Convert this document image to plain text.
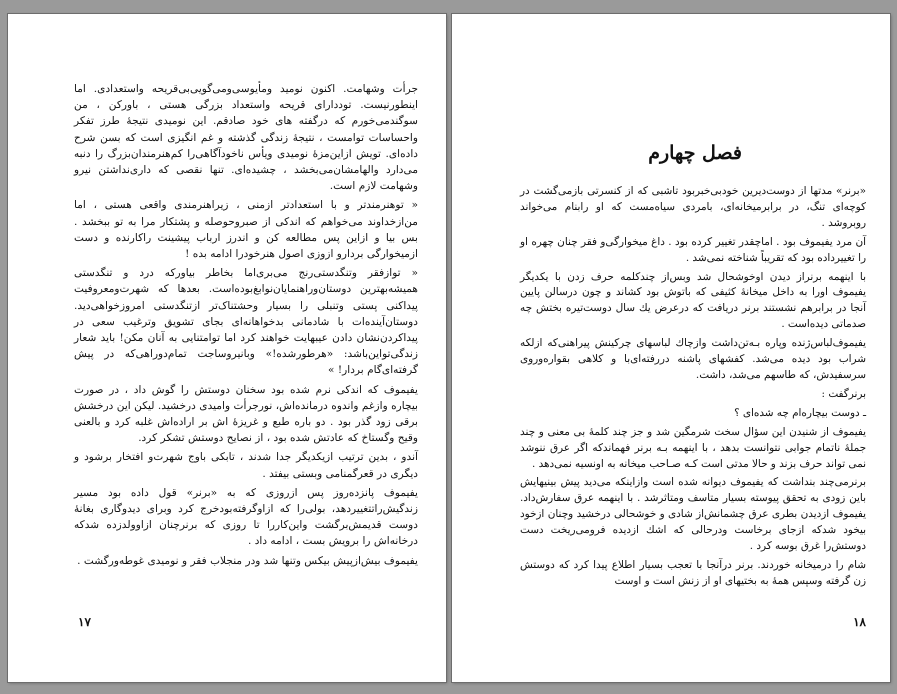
جرأت وشهامت. اکنون نومید ومأیوسی‌ومی‌گویی‌بی‌قریحه واستعدادی. اما اینطورنیست. توددارای قریحه واستعداد بزرگی هستی ، باورکن ، من سوگندمی‌خورم که درگفته های خود صادقم. این نومیدی نتیجهٔ طرز تفکر واحساسات توامست ، نتیجهٔ زندگی گذشته و غم انگیزی است که بسن شرح داده‌ای. تویش ازاین‌مزهٔ نومیدی ویأس ناخودآگاهی‌را کم‌هنرمندان‌بزرگ را دنبه می‌دارد والهامشان‌می‌بخشد ، چشیده‌ای. تنها نقصی که داری‌نداشتن نیرو وشهامت لازم است.

« توهنرمندتر و با استعدادتر ازمنی ، زیراهنرمندی واقعی هستی ، اما من‌ازخداوند می‌خواهم که اندکی از صبروحوصله و پشتکار مرا به تو ببخشد . بس بیا و ازاین پس مطالعه کن و اندرز ارباب پیشینت راکارنده و دست ازمیخوارگی بردارو ازوزی اصول هنرخودرا ادامه بده !

« توازفقر وتنگدستی‌رنج می‌بری‌اما بخاطر بیاورکه درد و تنگدستی همیشه‌بهترین دوستان‌وراهنمایان‌نوابغ‌بوده‌است. بعدها که شهرت‌ومعروفیت پیداکنی پستی وتنبلی را بسیار وحشتناک‌تر ازتنگدستی امروزخواهی‌دید. دوستان‌آینده‌ات با شادمانی بدخواهانه‌ای بجای تشویق وترغیب سعی در پیداکردن‌نشان دادن عیبهایت خواهند کرد اما توامتنایی به آنان مکن! باید شعار زندگی‌تواین‌باشد: «هرطورشده!» وبانیروساجت تمام‌دورا‌هی‌که در پیش گرفته‌ای‌گام بردار! »

یفیموف که اندکی نرم شده بود سخنان دوستش را گوش داد ، در صورت بیچاره وازغم واندوه درمانده‌اش، نورجرأت وامیدی درخشید. لیکن این درخشش برقی زود گذر بود . دو باره طبع و غریزهٔ اش بر اراده‌اش غلبه کرد و بالعنی وقیح وگستاخ که عادتش شده بود ، از نصایح دوستش تشکر کرد.

آندو ، بدین ترتیب ازیکدیگر جدا شدند ، تابکی باوج شهرت‌و افتخار برشود و دیگری در قعرگمنامی وبستی بیفتد .

یفیموف پانزده‌روز پس ازروزی که به «برنر» قول داده بود مسیر زندگیش‌راتتغییردهد، بولی‌را که ازاوگرفته‌بودخرج کرد وبرای دیدوگاری بغانهٔ دوست قدیمش‌برگشت واین‌کاررا تا روزی که برنرچنان ازاوولدزده شدکه درخانه‌اش را برویش بست ، ادامه داد .

یفیموف بیش‌ازپیش بیکس وتنها شد ودر منجلاب فقر و نومیدی غوطه‌ورگشت .

۱۷
فصل چهارم

«برنر» مدتها از دوست‌دیرین خود‌بی‌خبربود تاشبی که از کنسرتی بازمی‌گشت در کوچه‌ای تنگ، در برابرمیخانه‌ای، بامردی سیاه‌مست که او رابنام می‌خواند روبروشد .

آن مرد یفیموف بود . اماچقدر تغییر کرده بود . داغ میخوارگی‌و فقر چنان چهره او را تغییرداده بود که تقریباً شناخته نمی‌شد .

با اینهمه برنراز دیدن اوخوشحال شد وبس‌از چندکلمه حرف زدن با یکدیگر یفیموف اورا به داخل میخانهٔ کثیفی که باتوش بود کشاند و چون درسالن پایین آنجا در برابرهم نشستند برنر دریافت که درعرض یك سال دوست‌تیره بختش چه صدماتی دیده‌است .

یفیموف‌لباس‌ژنده وپاره بـه‌تن‌داشت وازچاك لباسهای چرکینش پیراهنی‌که از‌لکه شراب بود دیده می‌شد. کفشهای پاشنه دررفته‌ای‌با و کلاهی بقواره‌وروی سرسفیدش، که طاسهم می‌شد، داشت.

برنرگفت :

ـ دوست بیچاره‌ام چه شده‌ای ؟

یفیموف از شنیدن این سؤال سخت شرمگین شد و جز چند کلمهٔ بی معنی و چند جملهٔ ناتمام جوابی نتوانست بدهد ، با اینهمه بـه برنر فهماندکه اگر عرق ننوشد نمی تواند حرف بزند و حالا مدتی است کـه صـاحب میخانه به اونسیه نمی‌دهد .

برنرمی‌چند بنداشت که یفیموف دیوانه شده است وازاینکه می‌دید پیش بینیهایش باین زودی به تحقق پیوسته بسیار متاسف ومتاثرشد . با اینهمه عرق سفارش‌داد. یفیموف ازدیدن بطری عرق چشمانش‌از شادی و خوشحالی درخشید وچنان ازخود بیخود شدکه ازجای برخاست ودرحالی که اشك ازدیده فرومی‌ریخت دست دوستش‌را غرق بوسه کرد .

شام را درمیخانه خوردند. برنر درآنجا با تعجب بسیار اطلاع پیدا کرد که دوستش زن گرفته وسپس همهٔ به بختیهای او از زنش است و اوست

۱۸
